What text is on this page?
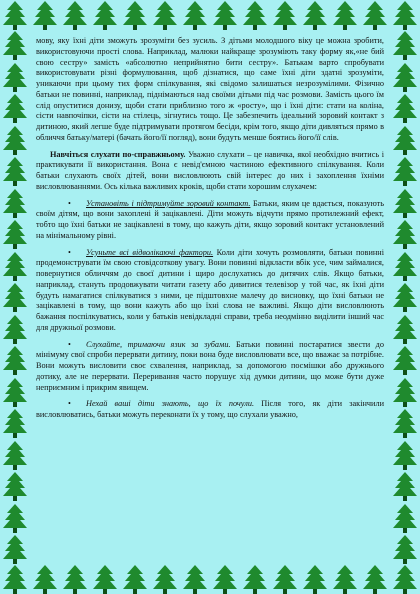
мову, яку їхні діти зможуть зрозуміти без зусиль. З дітьми молодшого віку це можна зробити, використовуючи прості слова. Наприклад, малюки найкраще зрозуміють таку форму як,«не бий свою сестру» замість «абсолютно неприйнятно бити сестру». Батькам варто спробувати використовувати різні формулювання, щоб дізнатися, що саме їхні діти здатні зрозуміти, уникаючи при цьому тих форм спілкування, які свідомо залишаться незрозумілими. Фізично батьки не повинні, наприклад, піднімаються над своїми дітьми під час розмови. Замість цього їм слід опуститися донизу, щоби стати приблизно того ж «росту», що і їхні діти: стати на коліна, сісти навпочіпки, сісти на стілець, зігнутись тощо. Це забезпечить ідеальний зоровий контакт з дитиною, який легше буде підтримувати протягом бесіди, крім того, якщо діти дивляться прямо в обличчя батьку/матері (бачать його/її погляд), вони будуть менше боятись його/її слів.

Навчіться слухати по-справжньому. Уважно слухати – це навичка, якої необхідно вчитись і практикувати її використання. Вона є невід'ємною частиною ефективного спілкування. Коли батьки слухають своїх дітей, вони висловлюють свій інтерес до них і захоплення їхніми висловлюваннями. Ось кілька важливих кроків, щоби стати хорошим слухачем:

•Установіть і підтримуйте зоровий контакт. Батьки, яким це вдається, показують своїм дітям, що вони захоплені й зацікавлені. Діти можуть відчути прямо протилежний ефект, тобто що їхні батьки не зацікавлені в тому, що кажуть діти, якщо зоровий контакт установлений на мінімальному рівні.

•Усуньте всі відволікаючі фактори. Коли діти хочуть розмовляти, батьки повинні продемонструвати їм свою стовідсоткову увагу. Вони повинні відкласти вбік усе, чим займалися, повернутися обличчям до своєї дитини і щиро дослухатись до дитячих слів. Якщо батьки, наприклад, стануть продовжувати читати газету або дивитися телевізор у той час, як їхні діти будуть намагатися спілкуватися з ними, це підштовхне малечу до висновку, що їхні батьки не зацікавлені в тому, що вони кажуть або що їхні слова не важливі. Якщо діти висловлюють бажання поспілкуватись, коли у батьків невідкладні справи, треба неодмінно виділити інший час для дружньої розмови.

•Слухайте, тримаючи язик за зубами. Батьки повинні постаратися звести до мінімуму свої спроби перервати дитину, поки вона буде висловлювати все, що вважає за потрібне. Вони можуть висловити своє схвалення, наприклад, за допомогою посмішки або дружнього дотику, але не перервати. Переривання часто порушує хід думки дитини, що може бути дуже неприємним і прикрим явищем.

•Нехай ваші діти знають, що їх почули. Після того, як діти закінчили висловлюватись, батьки можуть переконати їх у тому, що слухали уважно,
